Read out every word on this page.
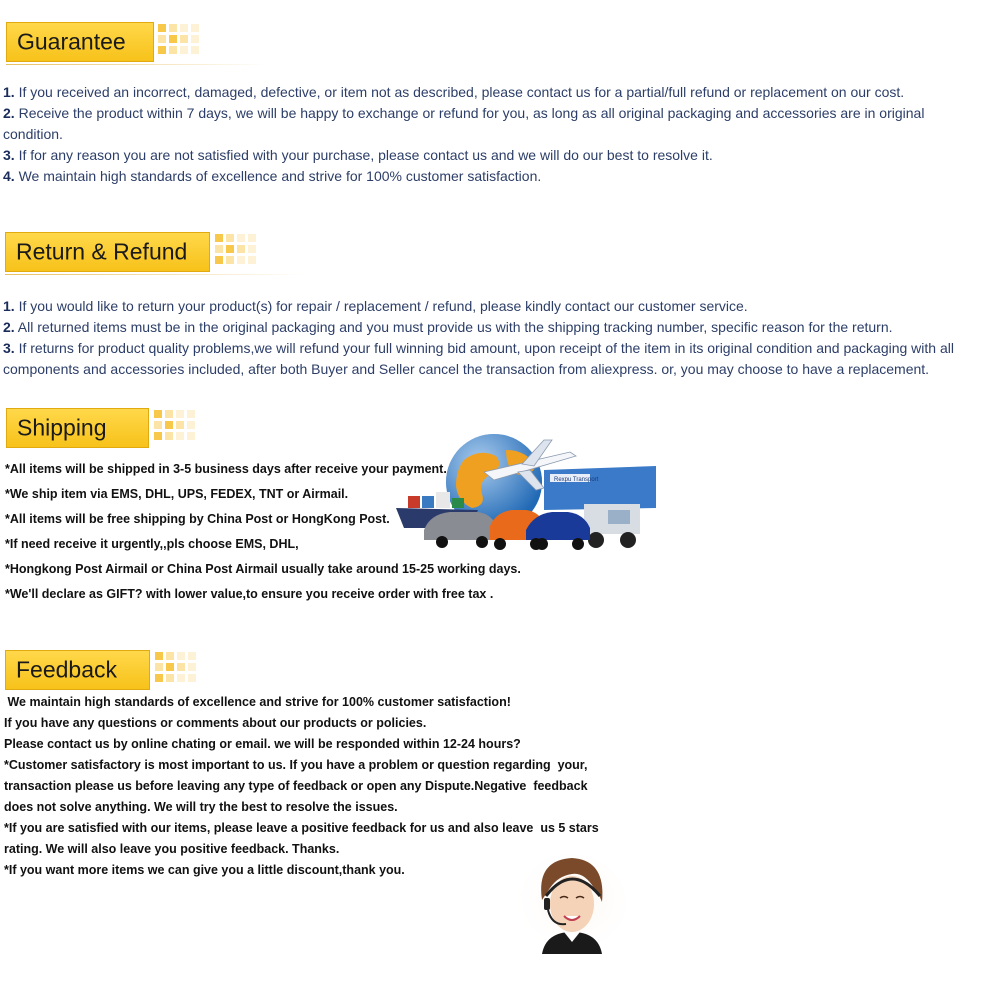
Guarantee

1. If you received an incorrect, damaged, defective, or item not as described, please contact us for a partial/full refund or replacement on our cost.

2. Receive the product within 7 days, we will be happy to exchange or refund for you, as long as all original packaging and accessories are in original condition.

3. If for any reason you are not satisfied with your purchase, please contact us and we will do our best to resolve it.

4. We maintain high standards of excellence and strive for 100% customer satisfaction.

Return & Refund

1. If you would like to return your product(s) for repair / replacement / refund, please kindly contact our customer service.

2. All returned items must be in the original packaging and you must provide us with the shipping tracking number, specific reason for the return.

3. If returns for product quality problems,we will refund your full winning bid amount, upon receipt of the item in its original condition and packaging with all components and accessories included, after both Buyer and Seller cancel the transaction from aliexpress. or, you may choose to have a replacement.

Shipping

*All items will be shipped in 3-5 business days after receive your payment.

*We ship item via EMS, DHL, UPS, FEDEX, TNT or Airmail.

*All items will be free shipping by China Post or HongKong Post.

*If need receive it urgently,,pls choose EMS, DHL,

*Hongkong Post Airmail or China Post Airmail usually take around 15-25 working days.

*We'll declare as GIFT? with lower value,to ensure you receive order with free tax .

Rexpu Transport
Feedback

We maintain high standards of excellence and strive for 100% customer satisfaction!

If you have any questions or comments about our products or policies.

Please contact us by online chating or email. we will be responded within 12-24 hours?

*Customer satisfactory is most important to us. If you have a problem or question regarding  your,

transaction please us before leaving any type of feedback or open any Dispute.Negative  feedback

does not solve anything. We will try the best to resolve the issues.

*If you are satisfied with our items, please leave a positive feedback for us and also leave  us 5 stars

rating. We will also leave you positive feedback. Thanks.

*If you want more items we can give you a little discount,thank you.
